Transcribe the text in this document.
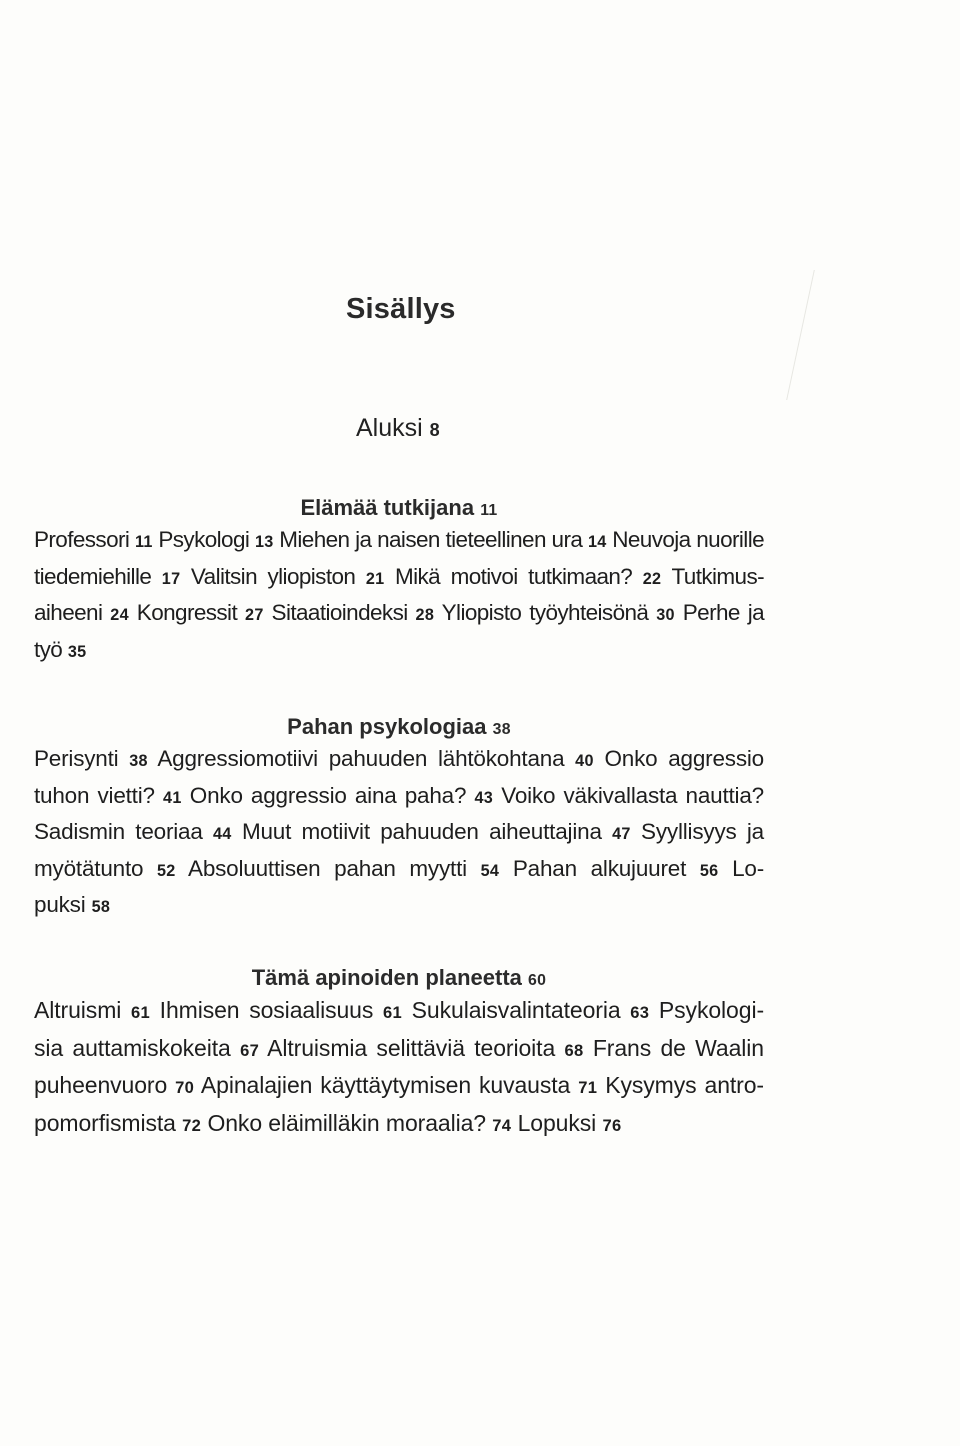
Sisällys
Aluksi 8
Elämää tutkijana 11
Professori 11 Psykologi 13 Miehen ja naisen tieteellinen ura 14 Neuvoja nuorille
tiedemiehille 17 Valitsin yliopiston 21 Mikä motivoi tutkimaan? 22 Tutkimus-
aiheeni 24 Kongressit 27 Sitaatioindeksi 28 Yliopisto työyhteisönä 30 Perhe ja
työ 35
Pahan psykologiaa 38
Perisynti 38 Aggressiomotiivi pahuuden lähtökohtana 40 Onko aggressio
tuhon vietti? 41 Onko aggressio aina paha? 43 Voiko väkivallasta nauttia?
Sadismin teoriaa 44 Muut motiivit pahuuden aiheuttajina 47 Syyllisyys ja
myötätunto 52 Absoluuttisen pahan myytti 54 Pahan alkujuuret 56 Lo-
puksi 58
Tämä apinoiden planeetta 60
Altruismi 61 Ihmisen sosiaalisuus 61 Sukulaisvalintateoria 63 Psykologi-
sia auttamiskokeita 67 Altruismia selittäviä teorioita 68 Frans de Waalin
puheenvuoro 70 Apinalajien käyttäytymisen kuvausta 71 Kysymys antro-
pomorfismista 72 Onko eläimilläkin moraalia? 74 Lopuksi 76
